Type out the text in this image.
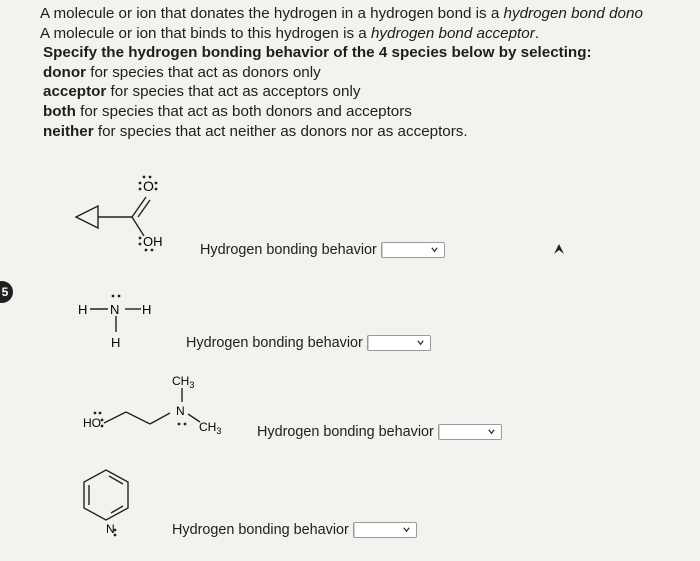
A molecule or ion that donates the hydrogen in a hydrogen bond is a hydrogen bond dono
A molecule or ion that binds to this hydrogen is a hydrogen bond acceptor.
Specify the hydrogen bonding behavior of the 4 species below by selecting:
donor for species that act as donors only
acceptor for species that act as acceptors only
both for species that act as both donors and acceptors
neither for species that act neither as donors nor as acceptors.
5
O
OH
Hydrogen bonding behavior
H N H
H	Hydrogen bonding behavior
HO
N
$CH_3$
$CH_3$ Hydrogen bonding behavior
N	Hydrogen bonding behavior
